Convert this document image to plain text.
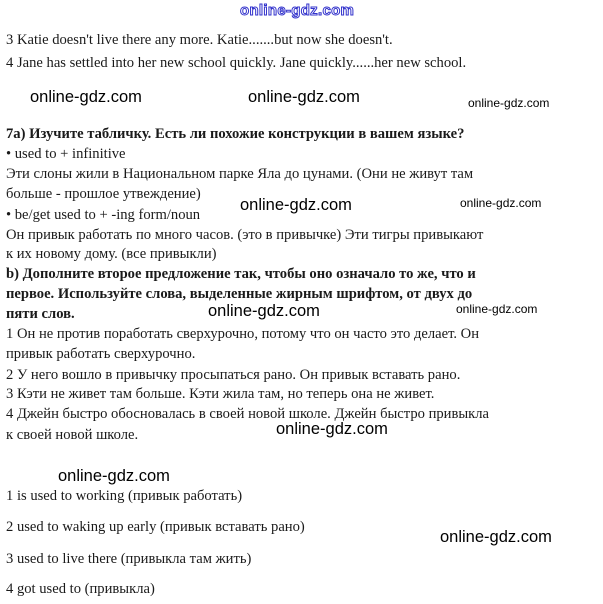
online-gdz.com
online-gdz.com	online-gdz.com	online-gdz.com
online-gdz.com	online-gdz.com
online-gdz.com	online-gdz.com
online-gdz.com
online-gdz.com
online-gdz.com

3 Katie doesn't live there any more. Katie.......but now she doesn't.

4 Jane has settled into her new school quickly. Jane quickly......her new school.

7а) Изучите табличку. Есть ли похожие конструкции в вашем языке?

• used to + infinitive

Эти слоны жили в Национальном парке Яла до цунами. (Они не живут там

больше - прошлое утвеждение)

• be/get used to + -ing form/noun

Он привык работать по много часов. (это в привычке) Эти тигры привыкают

к их новому дому. (все привыкли)

b) Дополните второе предложение так, чтобы оно означало то же, что и

первое. Используйте слова, выделенные жирным шрифтом, от двух до

пяти слов.

1 Он не против поработать сверхурочно, потому что он часто это делает. Он

привык работать сверхурочно.

2 У него вошло в привычку просыпаться рано. Он привык вставать рано.

3 Кэти не живет там больше. Кэти жила там, но теперь она не живет.

4 Джейн быстро обосновалась в своей новой школе. Джейн быстро привыкла

к своей новой школе.

1 is used to working (привык работать)

2 used to waking up early (привык вставать рано)

3 used to live there (привыкла там жить)

4 got used to (привыкла)
